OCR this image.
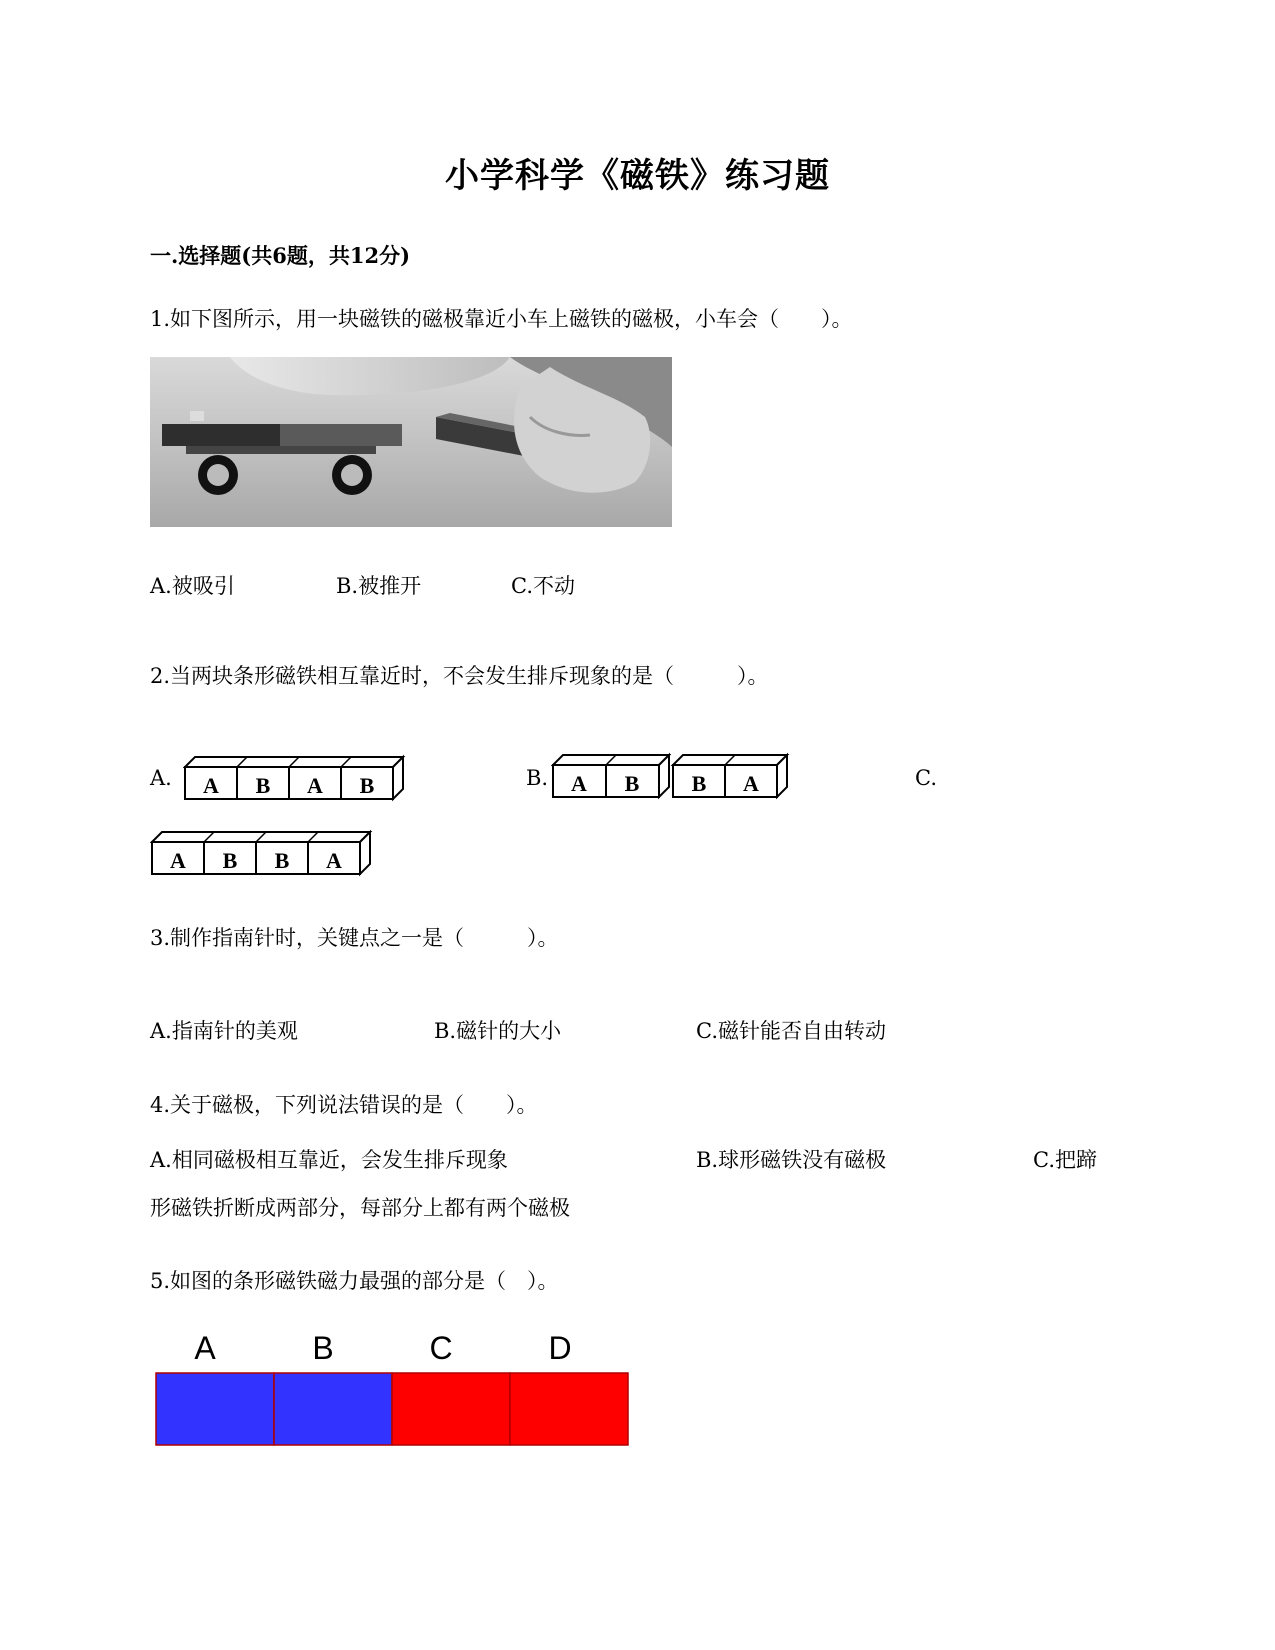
小学科学《磁铁》练习题
一.选择题(共6题，共12分)
1.如下图所示，用一块磁铁的磁极靠近小车上磁铁的磁极，小车会（　　）。
A.被吸引	B.被推开	C.不动
2.当两块条形磁铁相互靠近时，不会发生排斥现象的是（　　　）。
A.	B.	C.
A B A B	A B B A
A B B A
3.制作指南针时，关键点之一是（　　　）。
A.指南针的美观	B.磁针的大小	C.磁针能否自由转动
4.关于磁极，下列说法错误的是（　　）。
A.相同磁极相互靠近，会发生排斥现象	B.球形磁铁没有磁极	C.把蹄
形磁铁折断成两部分，每部分上都有两个磁极
5.如图的条形磁铁磁力最强的部分是（　）。
A	B	C	D
